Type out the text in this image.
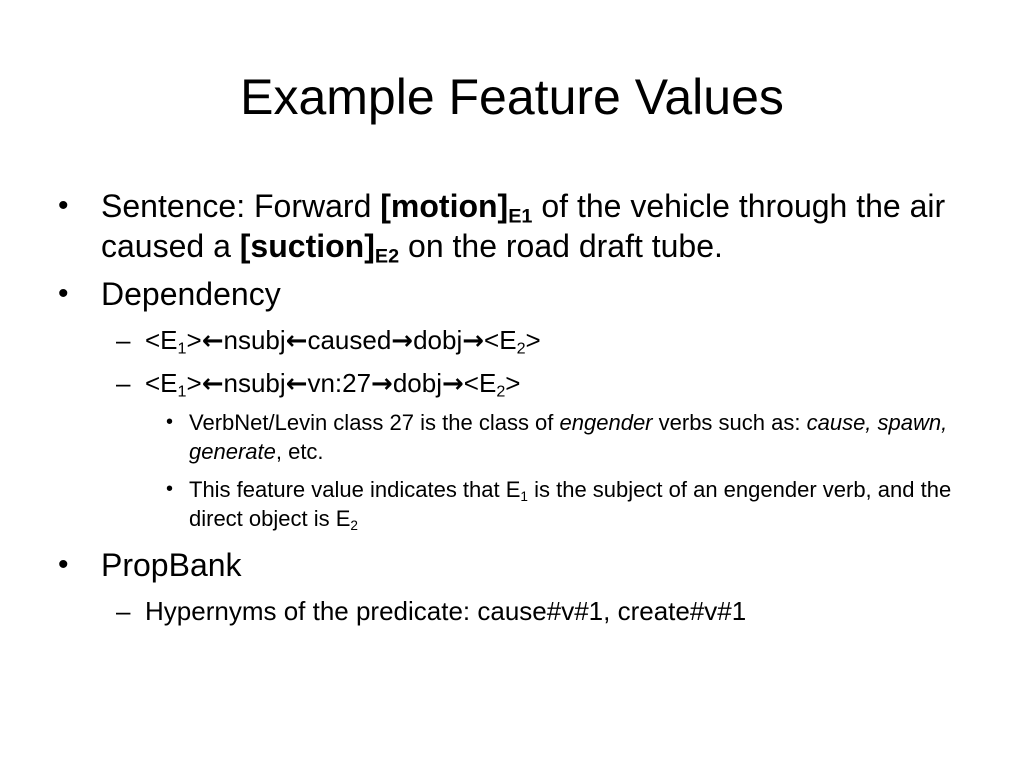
Example Feature Values
•	Sentence: Forward $[motion]_{E1}$ of the vehicle through the air caused a $[suction]_{E2}$ on the road draft tube.
•	Dependency
– $<E_1>\leftarrow nsubj\leftarrow caused\to dobj\to<E_2>$
– $<E_1>\leftarrow nsubj\leftarrow vn:27\to dobj\to<E_2>$
• VerbNet/Levin class 27 is the class of engender verbs such as: cause, spawn, generate, etc.
• This feature value indicates that $E_1$ is the subject of an engender verb, and the direct object is $E_2$
•	PropBank
– Hypernyms of the predicate: cause#v#1, create#v#1
